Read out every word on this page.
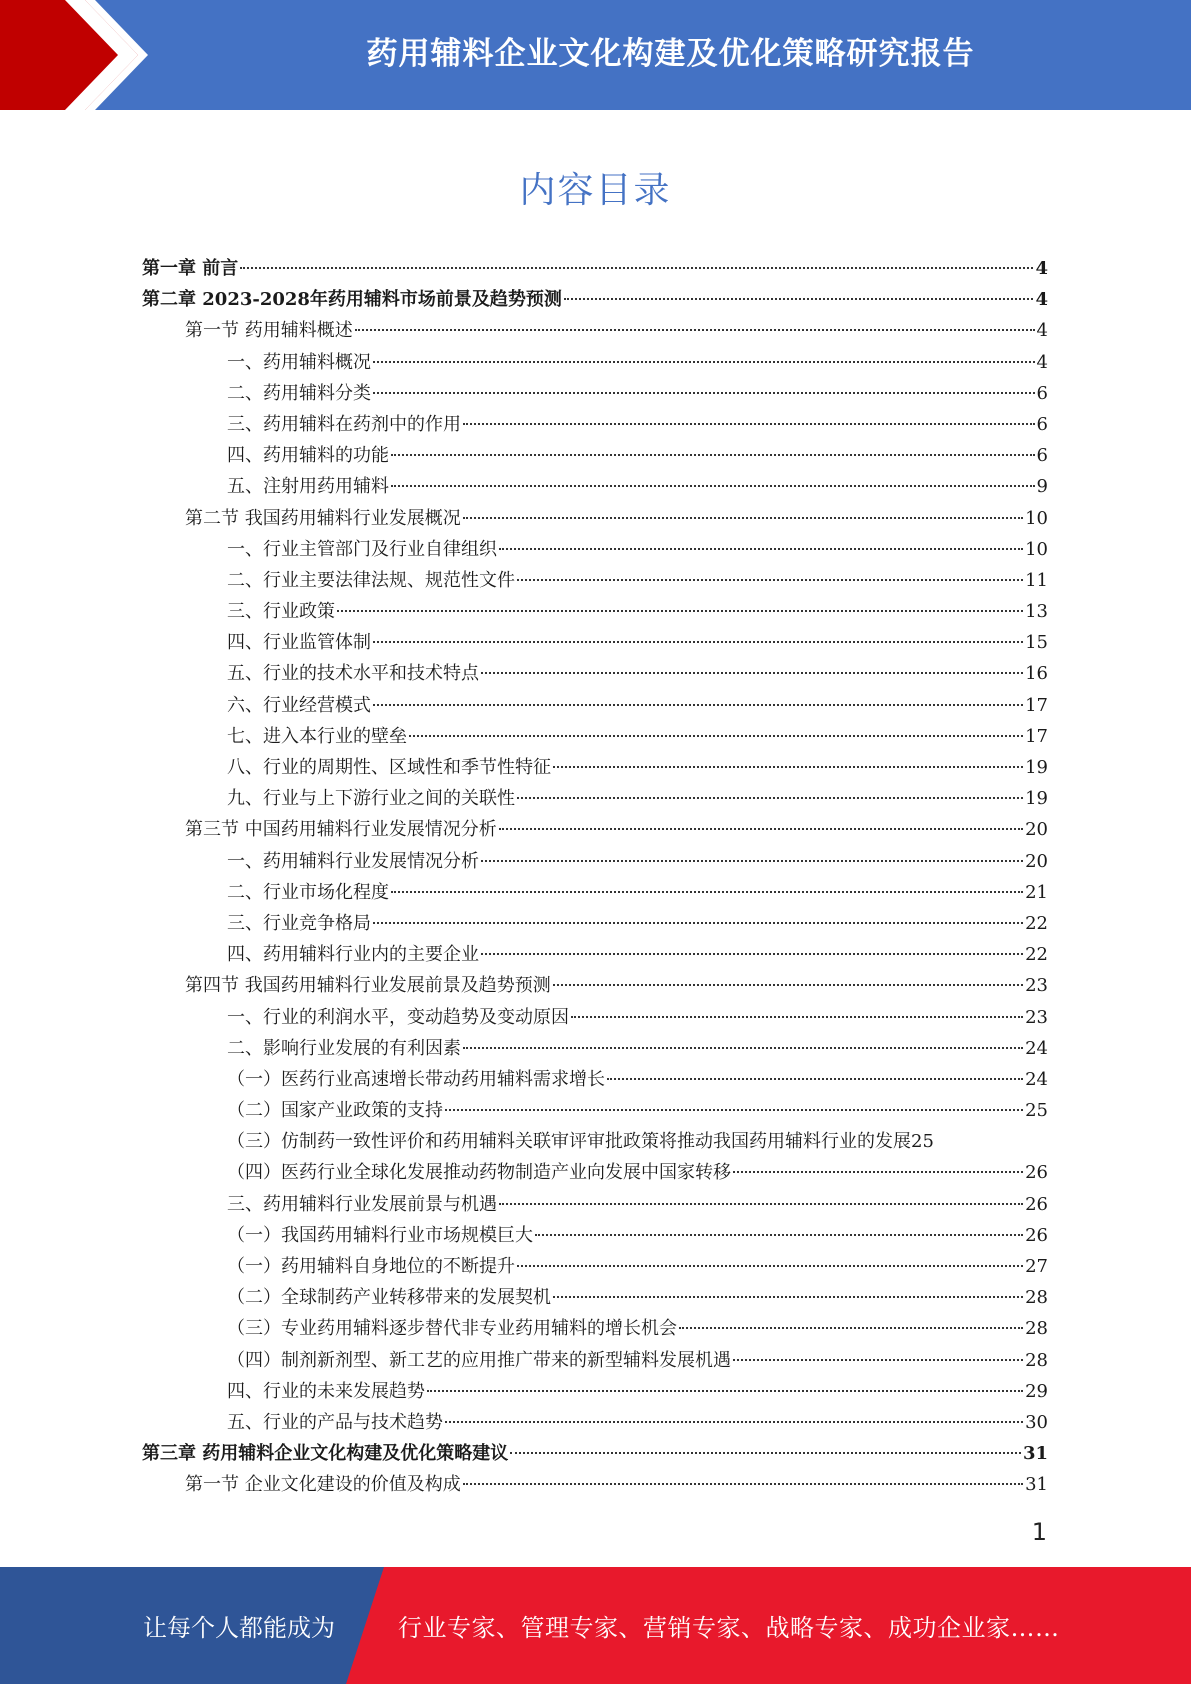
药用辅料企业文化构建及优化策略研究报告
内容目录
第一章 前言	4
第二章 2023-2028年药用辅料市场前景及趋势预测	4
第一节 药用辅料概述	4
一、药用辅料概况	4
二、药用辅料分类	6
三、药用辅料在药剂中的作用	6
四、药用辅料的功能	6
五、注射用药用辅料	9
第二节 我国药用辅料行业发展概况	10
一、行业主管部门及行业自律组织	10
二、行业主要法律法规、规范性文件	11
三、行业政策	13
四、行业监管体制	15
五、行业的技术水平和技术特点	16
六、行业经营模式	17
七、进入本行业的壁垒	17
八、行业的周期性、区域性和季节性特征	19
九、行业与上下游行业之间的关联性	19
第三节 中国药用辅料行业发展情况分析	20
一、药用辅料行业发展情况分析	20
二、行业市场化程度	21
三、行业竞争格局	22
四、药用辅料行业内的主要企业	22
第四节 我国药用辅料行业发展前景及趋势预测	23
一、行业的利润水平，变动趋势及变动原因	23
二、影响行业发展的有利因素	24
（一）医药行业高速增长带动药用辅料需求增长	24
（二）国家产业政策的支持	25
（三）仿制药一致性评价和药用辅料关联审评审批政策将推动我国药用辅料行业的发展 25
（四）医药行业全球化发展推动药物制造产业向发展中国家转移	26
三、药用辅料行业发展前景与机遇	26
（一）我国药用辅料行业市场规模巨大	26
（一）药用辅料自身地位的不断提升	27
（二）全球制药产业转移带来的发展契机	28
（三）专业药用辅料逐步替代非专业药用辅料的增长机会	28
（四）制剂新剂型、新工艺的应用推广带来的新型辅料发展机遇	28
四、行业的未来发展趋势	29
五、行业的产品与技术趋势	30
第三章 药用辅料企业文化构建及优化策略建议	31
第一节 企业文化建设的价值及构成	31
1
让每个人都能成为	行业专家、管理专家、营销专家、战略专家、成功企业家……
